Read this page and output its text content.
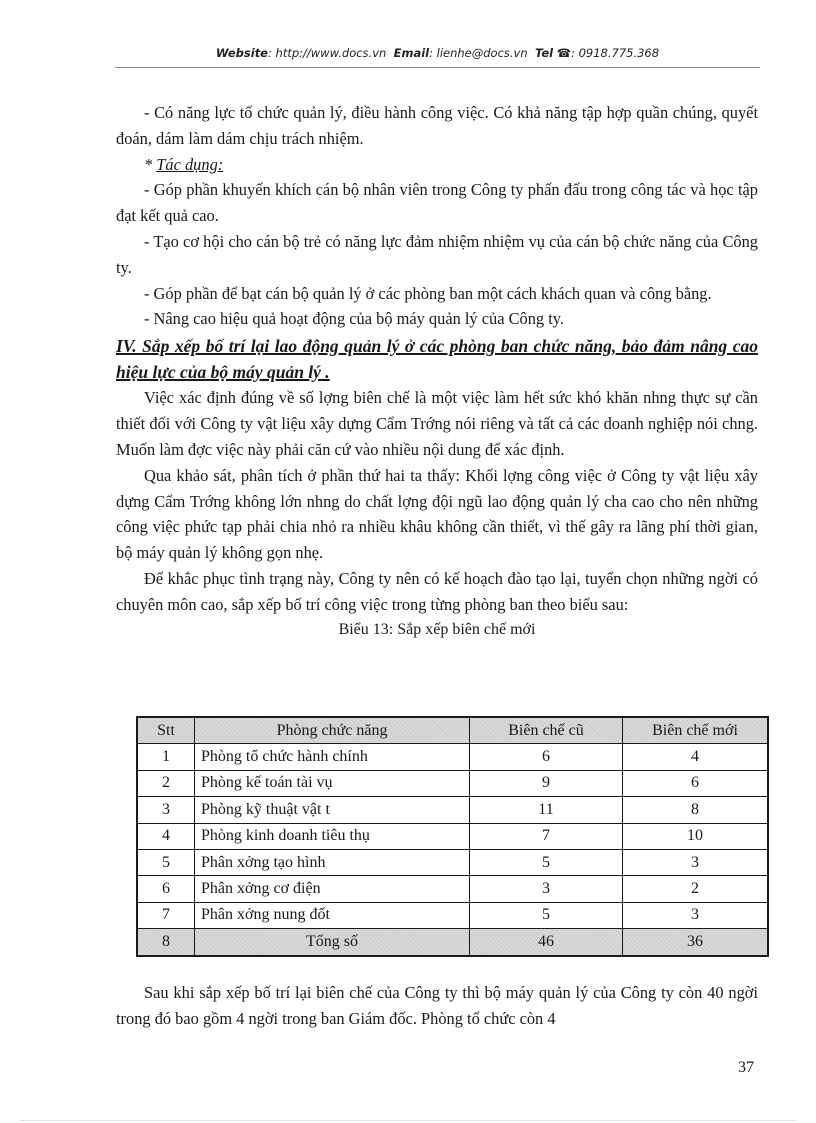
Website: http://www.docs.vn Email: lienhe@docs.vn Tel ☎: 0918.775.368

- Có năng lực tổ chức quản lý, điều hành công việc. Có khả năng tập hợp quần chúng, quyết đoán, dám làm dám chịu trách nhiệm.

* Tác dụng:

- Góp phần khuyến khích cán bộ nhân viên trong Công ty phấn đấu trong công tác và học tập đạt kết quả cao.

- Tạo cơ hội cho cán bộ trẻ có năng lực đảm nhiệm nhiệm vụ của cán bộ chức năng của Công ty.

- Góp phần để bạt cán bộ quản lý ở các phòng ban một cách khách quan và công bằng.

- Nâng cao hiệu quả hoạt động của bộ máy quản lý của Công ty.

IV. Sắp xếp bố trí lại lao động quản lý ở các phòng ban chức năng, bảo đảm nâng cao hiệu lực của bộ máy quản lý .

Việc xác định đúng về số lợng biên chế là một việc làm hết sức khó khăn nhng thực sự cần thiết đối với Công ty vật liệu xây dựng Cẩm Trớng nói riêng và tất cả các doanh nghiệp nói chng. Muốn làm đợc việc này phải căn cứ vào nhiều nội dung để xác định.

Qua khảo sát, phân tích ở phần thứ hai ta thấy: Khối lợng công việc ở Công ty vật liệu xây dựng Cẩm Trớng không lớn nhng do chất lợng đội ngũ lao động quản lý cha cao cho nên những công việc phức tạp phải chia nhỏ ra nhiều khâu không cần thiết, vì thế gây ra lãng phí thời gian, bộ máy quản lý không gọn nhẹ.

Để khắc phục tình trạng này, Công ty nên có kế hoạch đào tạo lại, tuyển chọn những ngời có chuyên môn cao, sắp xếp bố trí công việc trong từng phòng ban theo biểu sau:

Biểu 13: Sắp xếp biên chế mới
Stt	Phòng chức năng	Biên chế cũ	Biên chế mới
1	Phòng tổ chức hành chính	6	4
2	Phòng kế toán tài vụ	9	6
3	Phòng kỹ thuật vật t	11	8
4	Phòng kinh doanh tiêu thụ	7	10
5	Phân xởng tạo hình	5	3
6	Phân xởng cơ điện	3	2
7	Phân xởng nung đốt	5	3
8	Tổng số	46	36

Sau khi sắp xếp bố trí lại biên chế của Công ty thì bộ máy quản lý của Công ty còn 40 ngời trong đó bao gồm 4 ngời trong ban Giám đốc. Phòng tổ chức còn 4

37
